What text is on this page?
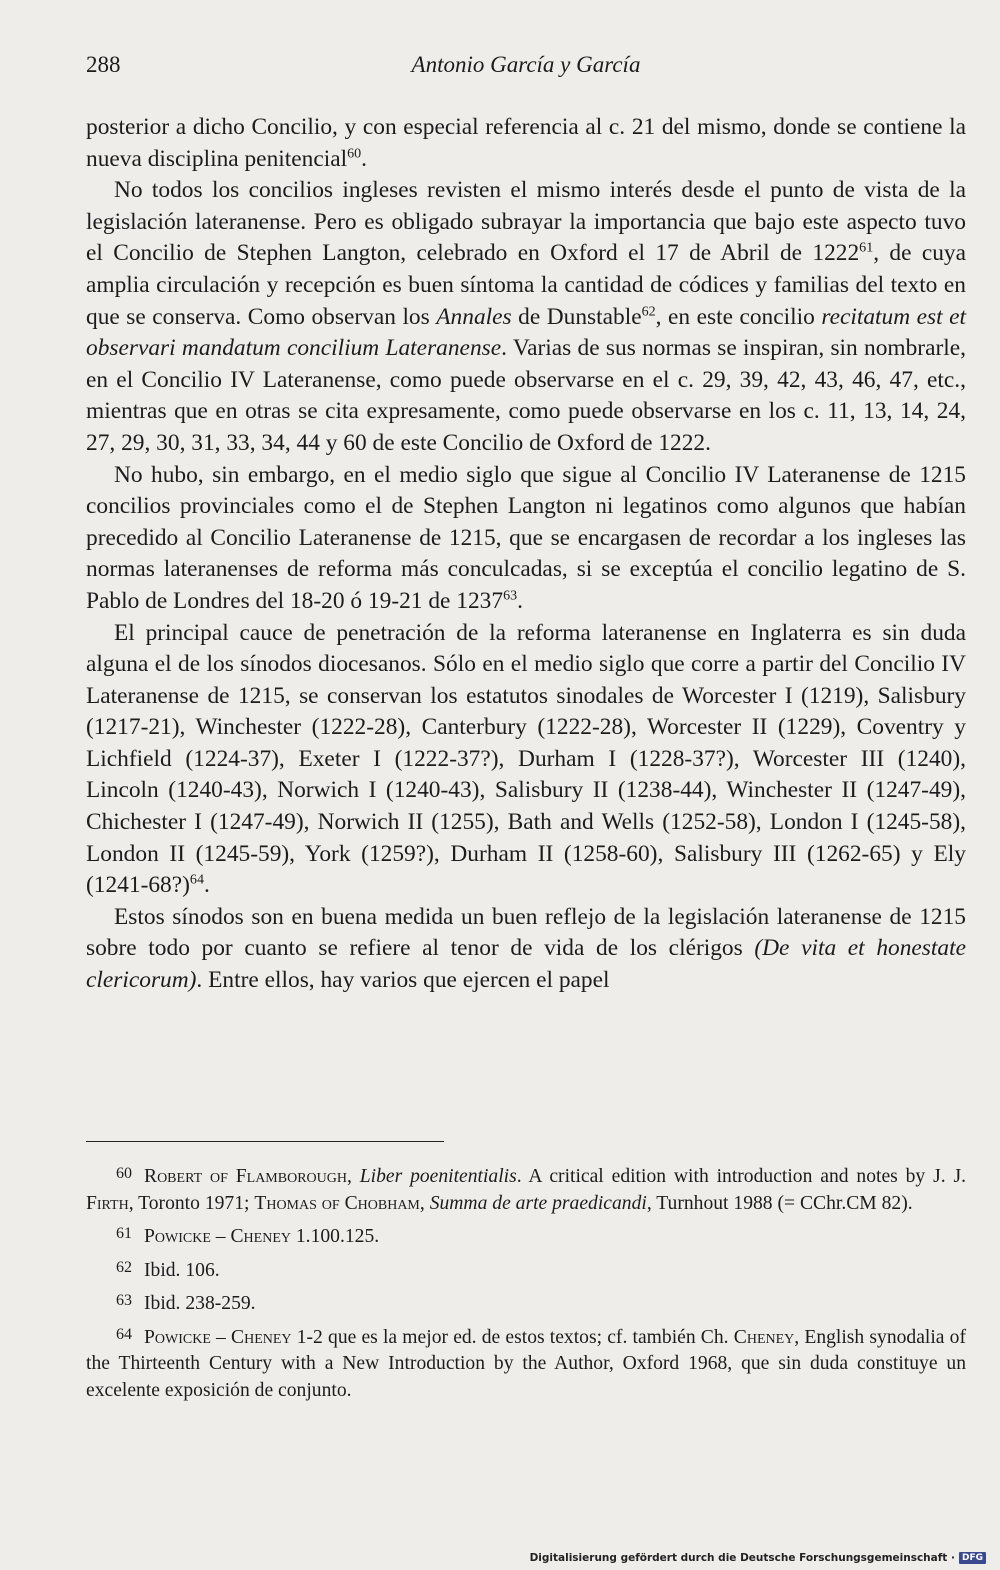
288	Antonio García y García

posterior a dicho Concilio, y con especial referencia al c. 21 del mismo, donde se contiene la nueva disciplina penitencial$^{60}$.

No todos los concilios ingleses revisten el mismo interés desde el punto de vista de la legislación lateranense. Pero es obligado subrayar la importancia que bajo este aspecto tuvo el Concilio de Stephen Langton, celebrado en Oxford el 17 de Abril de 1222$^{61}$, de cuya amplia circulación y recepción es buen síntoma la cantidad de códices y familias del texto en que se conserva. Como observan los Annales de Dunstable$^{62}$, en este concilio recitatum est et observari mandatum concilium Lateranense. Varias de sus normas se inspiran, sin nombrarle, en el Concilio IV Lateranense, como puede observarse en el c. 29, 39, 42, 43, 46, 47, etc., mientras que en otras se cita expresamente, como puede observarse en los c. 11, 13, 14, 24, 27, 29, 30, 31, 33, 34, 44 y 60 de este Concilio de Oxford de 1222.

No hubo, sin embargo, en el medio siglo que sigue al Concilio IV Lateranense de 1215 concilios provinciales como el de Stephen Langton ni legatinos como algunos que habían precedido al Concilio Lateranense de 1215, que se encargasen de recordar a los ingleses las normas lateranenses de reforma más conculcadas, si se exceptúa el concilio legatino de S. Pablo de Londres del 18-20 ó 19-21 de 1237$^{63}$.

El principal cauce de penetración de la reforma lateranense en Inglaterra es sin duda alguna el de los sínodos diocesanos. Sólo en el medio siglo que corre a partir del Concilio IV Lateranense de 1215, se conservan los estatutos sinodales de Worcester I (1219), Salisbury (1217-21), Winchester (1222-28), Canterbury (1222-28), Worcester II (1229), Coventry y Lichfield (1224-37), Exeter I (1222-37?), Durham I (1228-37?), Worcester III (1240), Lincoln (1240-43), Norwich I (1240-43), Salisbury II (1238-44), Winchester II (1247-49), Chichester I (1247-49), Norwich II (1255), Bath and Wells (1252-58), London I (1245-58), London II (1245-59), York (1259?), Durham II (1258-60), Salisbury III (1262-65) y Ely (1241-68?)$^{64}$.

Estos sínodos son en buena medida un buen reflejo de la legislación lateranense de 1215 sobre todo por cuanto se refiere al tenor de vida de los clérigos (De vita et honestate clericorum). Entre ellos, hay varios que ejercen el papel

60 Robert of Flamborough, Liber poenitentialis. A critical edition with introduction and notes by J. J. Firth, Toronto 1971; Thomas of Chobham, Summa de arte praedicandi, Turnhout 1988 (= CChr.CM 82).

61 Powicke – Cheney 1.100.125.

62 Ibid. 106.

63 Ibid. 238-259.

64 Powicke – Cheney 1-2 que es la mejor ed. de estos textos; cf. también Ch. Cheney, English synodalia of the Thirteenth Century with a New Introduction by the Author, Oxford 1968, que sin duda constituye un excelente exposición de conjunto.

Digitalisierung gefördert durch die Deutsche Forschungsgemeinschaft · DFG
